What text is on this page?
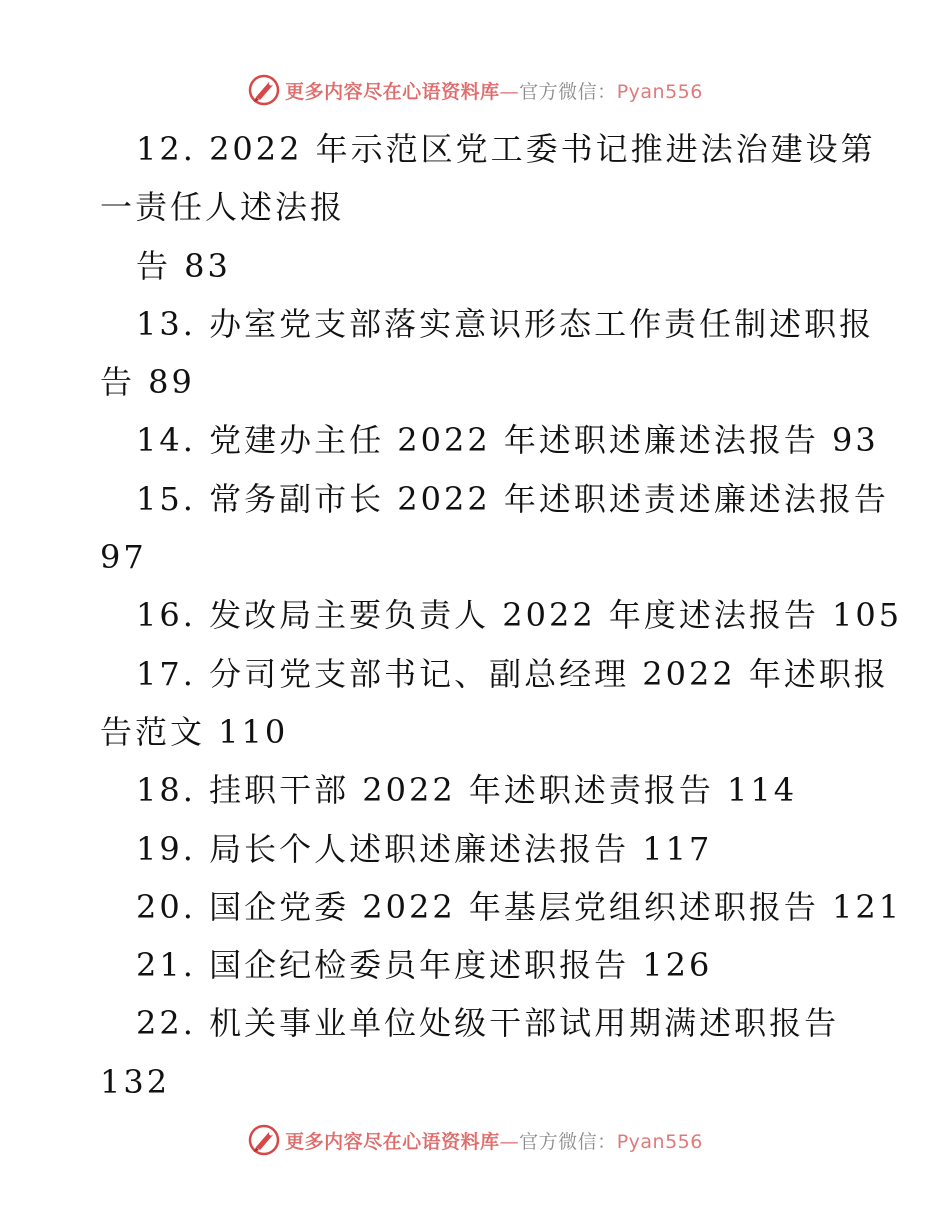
更多内容尽在心语资料库—官方微信：Pyan556
12. 2022 年示范区党工委书记推进法治建设第
一责任人述法报
告 83
13. 办室党支部落实意识形态工作责任制述职报
告 89
14. 党建办主任 2022 年述职述廉述法报告 93
15. 常务副市长 2022 年述职述责述廉述法报告
97
16. 发改局主要负责人 2022 年度述法报告 105
17. 分司党支部书记、副总经理 2022 年述职报
告范文 110
18. 挂职干部 2022 年述职述责报告 114
19. 局长个人述职述廉述法报告 117
20. 国企党委 2022 年基层党组织述职报告 121
21. 国企纪检委员年度述职报告 126
22. 机关事业单位处级干部试用期满述职报告
132
更多内容尽在心语资料库—官方微信：Pyan556
